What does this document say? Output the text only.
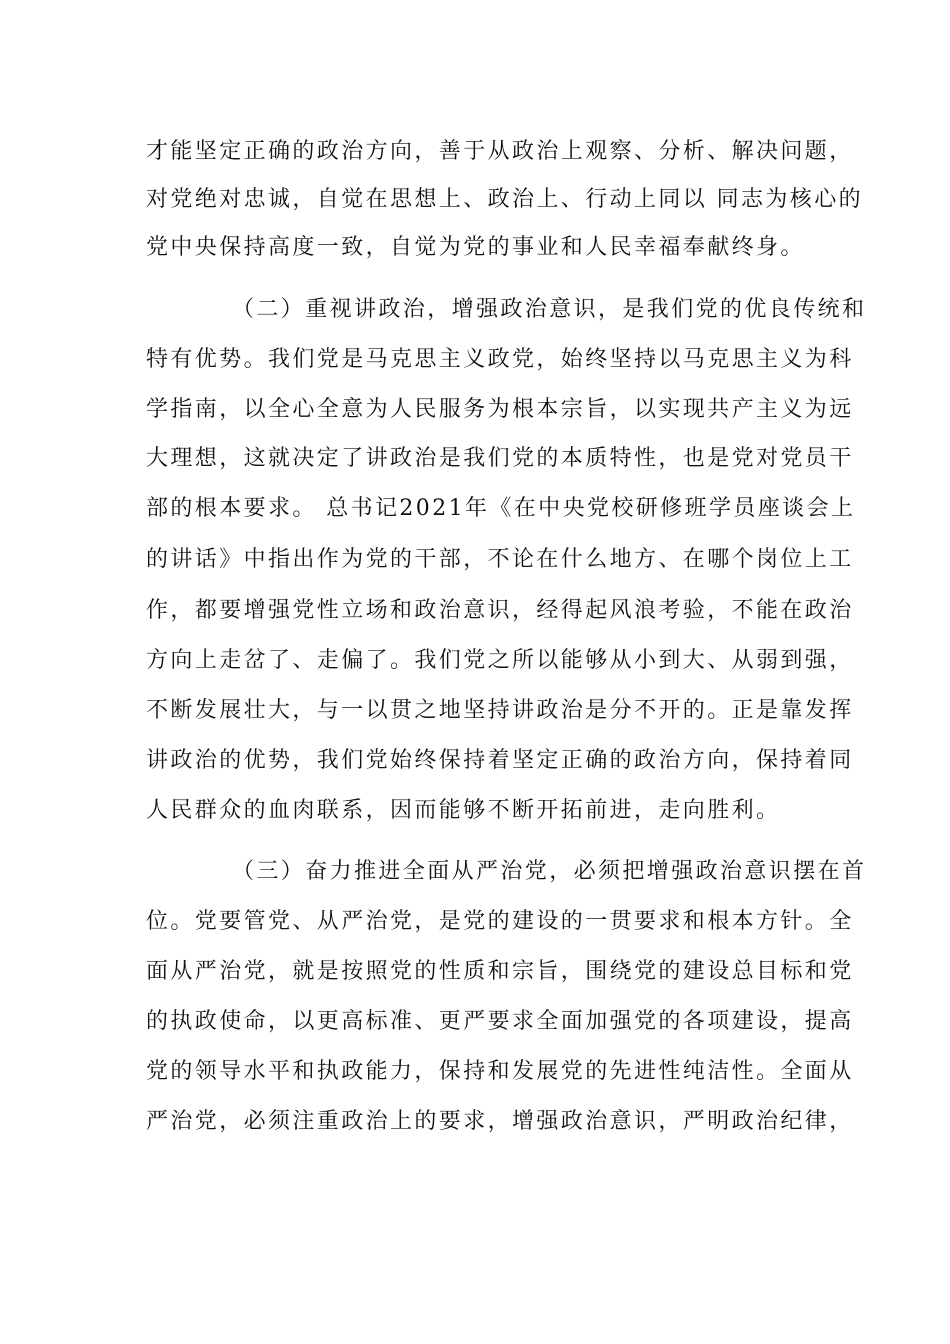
才能坚定正确的政治方向，善于从政治上观察、分析、解决问题，
对党绝对忠诚，自觉在思想上、政治上、行动上同以 同志为核心的
党中央保持高度一致，自觉为党的事业和人民幸福奉献终身。
（二）重视讲政治，增强政治意识，是我们党的优良传统和
特有优势。我们党是马克思主义政党，始终坚持以马克思主义为科
学指南，以全心全意为人民服务为根本宗旨，以实现共产主义为远
大理想，这就决定了讲政治是我们党的本质特性，也是党对党员干
部的根本要求。 总书记2021年《在中央党校研修班学员座谈会上
的讲话》中指出作为党的干部，不论在什么地方、在哪个岗位上工
作，都要增强党性立场和政治意识，经得起风浪考验，不能在政治
方向上走岔了、走偏了。我们党之所以能够从小到大、从弱到强，
不断发展壮大，与一以贯之地坚持讲政治是分不开的。正是靠发挥
讲政治的优势，我们党始终保持着坚定正确的政治方向，保持着同
人民群众的血肉联系，因而能够不断开拓前进，走向胜利。
（三）奋力推进全面从严治党，必须把增强政治意识摆在首
位。党要管党、从严治党，是党的建设的一贯要求和根本方针。全
面从严治党，就是按照党的性质和宗旨，围绕党的建设总目标和党
的执政使命，以更高标准、更严要求全面加强党的各项建设，提高
党的领导水平和执政能力，保持和发展党的先进性纯洁性。全面从
严治党，必须注重政治上的要求，增强政治意识，严明政治纪律，
